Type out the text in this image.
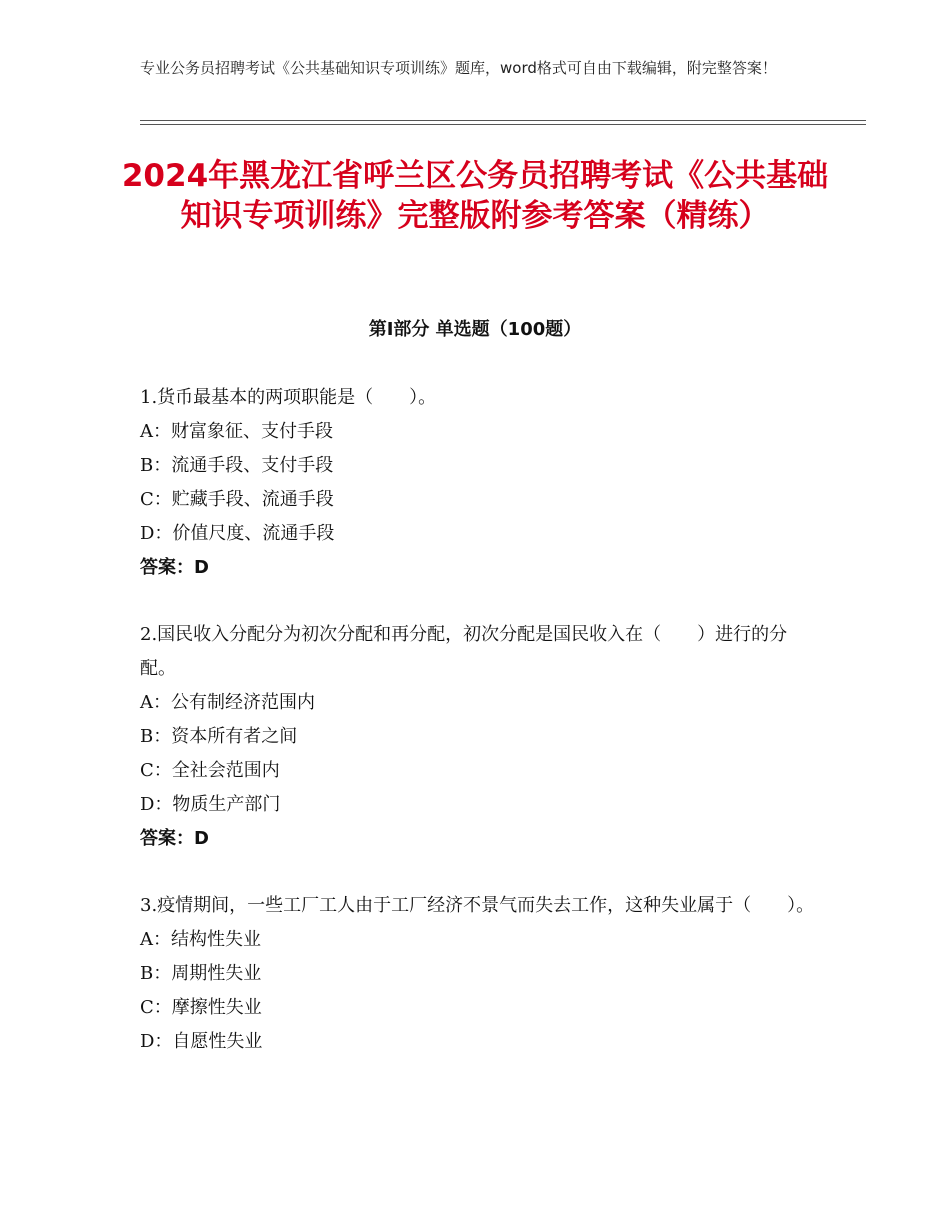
专业公务员招聘考试《公共基础知识专项训练》题库，word格式可自由下载编辑，附完整答案！
2024年黑龙江省呼兰区公务员招聘考试《公共基础知识专项训练》完整版附参考答案（精练）
第I部分 单选题（100题）

1.货币最基本的两项职能是（　　）。

A：财富象征、支付手段

B：流通手段、支付手段

C：贮藏手段、流通手段

D：价值尺度、流通手段

答案：D

2.国民收入分配分为初次分配和再分配，初次分配是国民收入在（　　）进行的分配。

A：公有制经济范围内

B：资本所有者之间

C：全社会范围内

D：物质生产部门

答案：D

3.疫情期间，一些工厂工人由于工厂经济不景气而失去工作，这种失业属于（　　）。

A：结构性失业

B：周期性失业

C：摩擦性失业

D：自愿性失业
